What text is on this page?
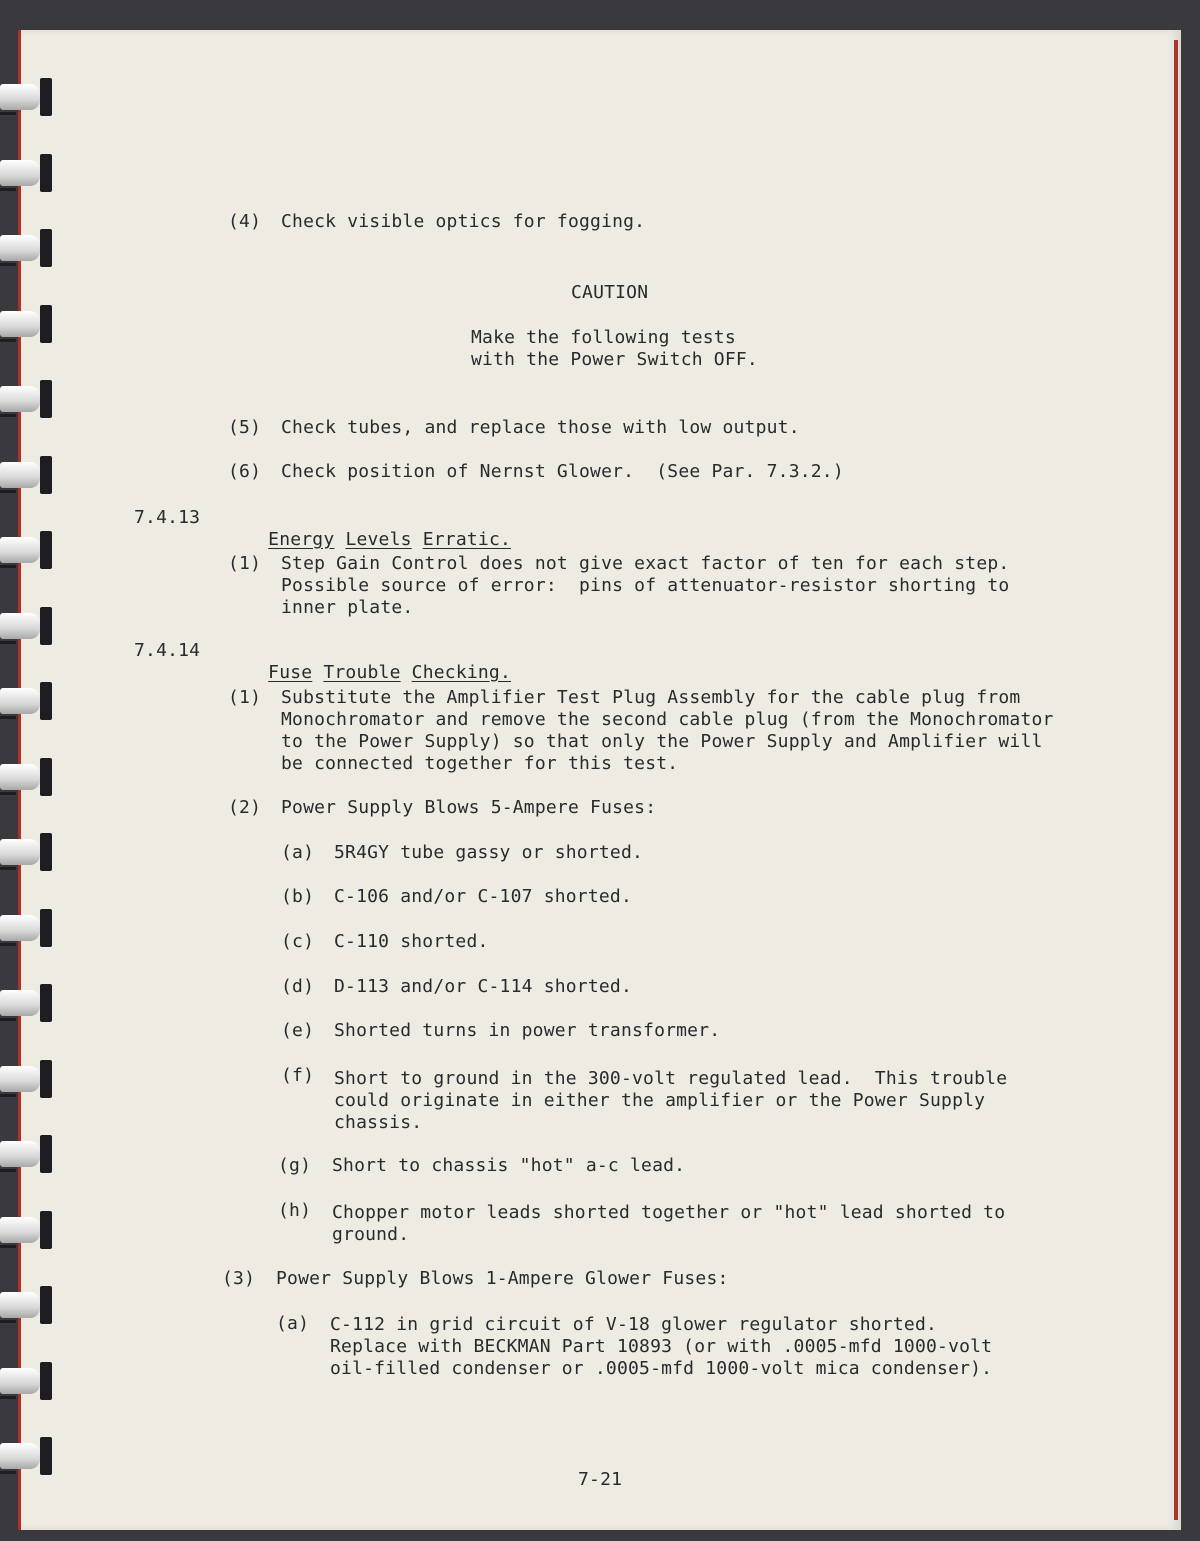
(4) Check visible optics for fogging.
CAUTION
Make the following tests
with the Power Switch OFF.
(5) Check tubes, and replace those with low output.
(6) Check position of Nernst Glower.  (See Par. 7.3.2.)
7.4.13

Energy Levels Erratic.

(1) Step Gain Control does not give exact factor of ten for each step.
Possible source of error:  pins of attenuator-resistor shorting to
inner plate.
7.4.14

Fuse Trouble Checking.

(1) Substitute the Amplifier Test Plug Assembly for the cable plug from
Monochromator and remove the second cable plug (from the Monochromator
to the Power Supply) so that only the Power Supply and Amplifier will
be connected together for this test.
(2) Power Supply Blows 5-Ampere Fuses:
(a) 5R4GY tube gassy or shorted.
(b) C-106 and/or C-107 shorted.
(c) C-110 shorted.
(d) D-113 and/or C-114 shorted.
(e) Shorted turns in power transformer.
(f) Short to ground in the 300-volt regulated lead.  This trouble
could originate in either the amplifier or the Power Supply
chassis.
(g) Short to chassis "hot" a-c lead.
(h) Chopper motor leads shorted together or "hot" lead shorted to
ground.
(3) Power Supply Blows 1-Ampere Glower Fuses:
(a) C-112 in grid circuit of V-18 glower regulator shorted.
Replace with BECKMAN Part 10893 (or with .0005-mfd 1000-volt
oil-filled condenser or .0005-mfd 1000-volt mica condenser).
7-21
